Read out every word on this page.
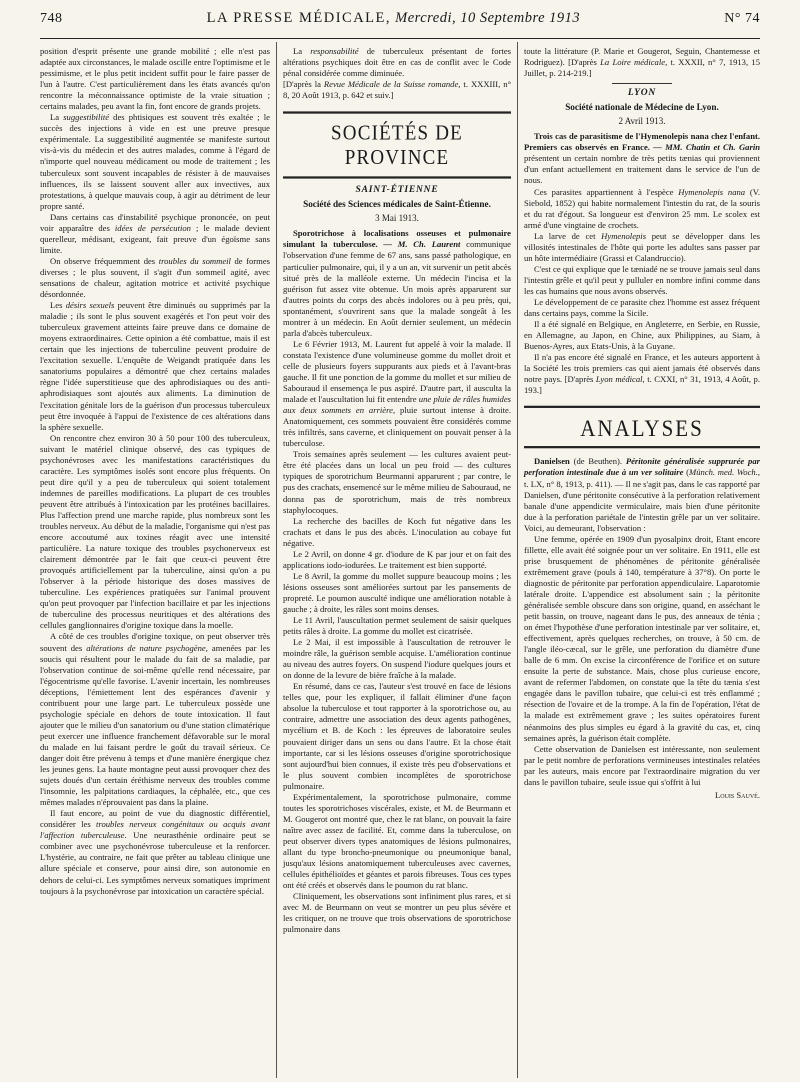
748	LA PRESSE MÉDICALE, Mercredi, 10 Septembre 1913	N° 74

position d'esprit présente une grande mobilité ; elle n'est pas adaptée aux circonstances, le malade oscille entre l'optimisme et le pessimisme, et le plus petit incident suffit pour le faire passer de l'un à l'autre. C'est particulièrement dans les états avancés qu'on rencontre la méconnaissance optimiste de la vraie situation ; certains malades, peu avant la fin, font encore de grands projets.

La suggestibilité des phtisiques est souvent très exaltée ; le succès des injections à vide en est une preuve presque expérimentale. La suggestibilité augmentée se manifeste surtout vis-à-vis du médecin et des autres malades, comme à l'égard de n'importe quel nouveau médicament ou mode de traitement ; les tuberculeux sont souvent incapables de résister à de mauvaises influences, ils se laissent souvent aller aux invectives, aux protestations, à quelque mauvais coup, à agir au détriment de leur propre santé.

Dans certains cas d'instabilité psychique prononcée, on peut voir apparaître des idées de persécution ; le malade devient querelleur, médisant, exigeant, fait preuve d'un égoïsme sans limite.

On observe fréquemment des troubles du sommeil de formes diverses ; le plus souvent, il s'agit d'un sommeil agité, avec sensations de chaleur, agitation motrice et activité psychique désordonnée.

Les désirs sexuels peuvent être diminués ou supprimés par la maladie ; ils sont le plus souvent exagérés et l'on peut voir des tuberculeux gravement atteints faire preuve dans ce domaine de moyens extraordinaires. Cette opinion a été combattue, mais il est certain que les injections de tuberculine peuvent produire de l'excitation sexuelle. L'enquête de Weigandt pratiquée dans les sanatoriums populaires a démontré que chez certains malades règne l'idée superstitieuse que des aphrodisiaques ou des anti-aphrodisiaques sont ajoutés aux aliments. La diminution de l'excitation génitale lors de la guérison d'un processus tuberculeux peut être invoquée à l'appui de l'existence de ces altérations dans la sphère sexuelle.

On rencontre chez environ 30 à 50 pour 100 des tuberculeux, suivant le matériel clinique observé, des cas typiques de psychonévroses avec les manifestations caractéristiques du caractère. Les symptômes isolés sont encore plus fréquents. On peut dire qu'il y a peu de tuberculeux qui soient totalement indemnes de pareilles modifications. La plupart de ces troubles peuvent être attribués à l'intoxication par les protéines bacillaires. Plus l'affection prend une marche rapide, plus nombreux sont les troubles nerveux. Au début de la maladie, l'organisme qui n'est pas encore accoutumé aux toxines réagit avec une intensité particulière. La nature toxique des troubles psychonerveux est clairement démontrée par le fait que ceux-ci peuvent être provoqués artificiellement par la tuberculine, ainsi qu'on a pu l'observer à la période historique des doses massives de tuberculine. Les expériences pratiquées sur l'animal prouvent qu'on peut provoquer par l'infection bacillaire et par les injections de tuberculine des processus neuritiques et des altérations des cellules ganglionnaires d'origine toxique dans la moelle.

A côté de ces troubles d'origine toxique, on peut observer très souvent des altérations de nature psychogène, amenées par les soucis qui résultent pour le malade du fait de sa maladie, par l'observation continue de soi-même qu'elle rend nécessaire, par l'égocentrisme qu'elle favorise. L'avenir incertain, les nombreuses déceptions, l'émiettement lent des espérances d'avenir y contribuent pour une large part. Le tuberculeux possède une psychologie spéciale en dehors de toute intoxication. Il faut ajouter que le milieu d'un sanatorium ou d'une station climatérique peut exercer une influence franchement défavorable sur le moral du malade en lui faisant perdre le goût du travail sérieux. Ce danger doit être prévenu à temps et d'une manière énergique chez les jeunes gens. La haute montagne peut aussi provoquer chez des sujets doués d'un certain éréthisme nerveux des troubles comme l'insomnie, les palpitations cardiaques, la céphalée, etc., que ces mêmes malades n'éprouvaient pas dans la plaine.

Il faut encore, au point de vue du diagnostic différentiel, considérer les troubles nerveux congénitaux ou acquis avant l'affection tuberculeuse. Une neurasthénie ordinaire peut se combiner avec une psychonévrose tuberculeuse et la renforcer. L'hystérie, au contraire, ne fait que prêter au tableau clinique une allure spéciale et conserve, pour ainsi dire, son autonomie en dehors de celui-ci. Les symptômes nerveux somatiques impriment toujours à la psychonévrose par intoxication un caractère spécial.

La responsabilité de tuberculeux présentant de fortes altérations psychiques doit être en cas de conflit avec le Code pénal considérée comme diminuée.

[D'après la Revue Médicale de la Suisse romande, t. XXXIII, n° 8, 20 Août 1913, p. 642 et suiv.]

SOCIÉTÉS DE PROVINCE
SAINT-ÉTIENNE
Société des Sciences médicales de Saint-Étienne.
3 Mai 1913.

Sporotrichose à localisations osseuses et pulmonaire simulant la tuberculose. — M. Ch. Laurent communique l'observation d'une femme de 67 ans, sans passé pathologique, en particulier pulmonaire, qui, il y a un an, vit survenir un petit abcès situé près de la malléole externe. Un médecin l'incisa et la guérison fut assez vite obtenue. Un mois après apparurent sur d'autres points du corps des abcès indolores ou à peu près, qui, spontanément, s'ouvrirent sans que la malade songeât à les montrer à un médecin. En Août dernier seulement, un médecin parla d'abcès tuberculeux.

Le 6 Février 1913, M. Laurent fut appelé à voir la malade. Il constata l'existence d'une volumineuse gomme du mollet droit et celle de plusieurs foyers suppurants aux pieds et à l'avant-bras gauche. Il fit une ponction de la gomme du mollet et sur milieu de Sabouraud il ensemença le pus aspiré. D'autre part, il ausculta la malade et l'auscultation lui fit entendre une pluie de râles humides aux deux sommets en arrière, pluie surtout intense à droite. Anatomiquement, ces sommets pouvaient être considérés comme très infiltrés, sans caverne, et cliniquement on pouvait penser à la tuberculose.

Trois semaines après seulement — les cultures avaient peut-être été placées dans un local un peu froid — des cultures typiques de sporotrichum Beurmanni apparurent ; par contre, le pus des crachats, ensemencé sur le même milieu de Sabouraud, ne donna pas de sporotrichum, mais de très nombreux staphylocoques.

La recherche des bacilles de Koch fut négative dans les crachats et dans le pus des abcès. L'inoculation au cobaye fut négative.

Le 2 Avril, on donne 4 gr. d'iodure de K par jour et on fait des applications iodo-iodurées. Le traitement est bien supporté.

Le 8 Avril, la gomme du mollet suppure beaucoup moins ; les lésions osseuses sont améliorées surtout par les pansements de propreté. Le poumon ausculté indique une amélioration notable à gauche ; à droite, les râles sont moins denses.

Le 11 Avril, l'auscultation permet seulement de saisir quelques petits râles à droite. La gomme du mollet est cicatrisée.

Le 2 Mai, il est impossible à l'auscultation de retrouver le moindre râle, la guérison semble acquise. L'amélioration continue au niveau des autres foyers. On suspend l'iodure quelques jours et on donne de la levure de bière fraîche à la malade.

En résumé, dans ce cas, l'auteur s'est trouvé en face de lésions telles que, pour les expliquer, il fallait éliminer d'une façon absolue la tuberculose et tout rapporter à la sporotrichose ou, au contraire, admettre une association des deux agents pathogènes, mycélium et B. de Koch : les épreuves de laboratoire seules pouvaient diriger dans un sens ou dans l'autre. Et la chose était importante, car si les lésions osseuses d'origine sporotrichosique sont aujourd'hui bien connues, il existe très peu d'observations et le plus souvent combien incomplètes de sporotrichose pulmonaire.

Expérimentalement, la sporotrichose pulmonaire, comme toutes les sporotrichoses viscérales, existe, et M. de Beurmann et M. Gougerot ont montré que, chez le rat blanc, on pouvait la faire naître avec assez de facilité. Et, comme dans la tuberculose, on peut observer divers types anatomiques de lésions pulmonaires, allant du type broncho-pneumonique ou pneumonique banal, jusqu'aux lésions anatomiquement tuberculeuses avec cavernes, cellules épithélioïdes et géantes et parois fibreuses. Tous ces types ont été créés et observés dans le poumon du rat blanc.

Cliniquement, les observations sont infiniment plus rares, et si avec M. de Beurmann on veut se montrer un peu plus sévère et les critiquer, on ne trouve que trois observations de sporotrichose pulmonaire dans

toute la littérature (P. Marie et Gougerot, Seguin, Chantemesse et Rodriguez). [D'après La Loire médicale, t. XXXII, n° 7, 1913, 15 Juillet, p. 214-219.]

LYON
Société nationale de Médecine de Lyon.
2 Avril 1913.

Trois cas de parasitisme de l'Hymenolepis nana chez l'enfant. Premiers cas observés en France. — MM. Chatin et Ch. Garin présentent un certain nombre de très petits tænias qui proviennent d'un enfant actuellement en traitement dans le service de l'un de nous.

Ces parasites appartiennent à l'espèce Hymenolepis nana (V. Siebold, 1852) qui habite normalement l'intestin du rat, de la souris et du rat d'égout. Sa longueur est d'environ 25 mm. Le scolex est armé d'une vingtaine de crochets.

La larve de cet Hymenolepis peut se développer dans les villosités intestinales de l'hôte qui porte les adultes sans passer par un hôte intermédiaire (Grassi et Calandruccio).

C'est ce qui explique que le tæniadé ne se trouve jamais seul dans l'intestin grêle et qu'il peut y pulluler en nombre infini comme dans les cas humains que nous avons observés.

Le développement de ce parasite chez l'homme est assez fréquent dans certains pays, comme la Sicile.

Il a été signalé en Belgique, en Angleterre, en Serbie, en Russie, en Allemagne, au Japon, en Chine, aux Philippines, au Siam, à Buenos-Ayres, aux Etats-Unis, à la Guyane.

Il n'a pas encore été signalé en France, et les auteurs apportent à la Société les trois premiers cas qui aient jamais été observés dans notre pays. [D'après Lyon médical, t. CXXI, n° 31, 1913, 4 Août, p. 193.]

ANALYSES

Danielsen (de Beuthen). Péritonite généralisée supprurée par perforation intestinale due à un ver solitaire (Münch. med. Woch., t. LX, n° 8, 1913, p. 411). — Il ne s'agit pas, dans le cas rapporté par Danielsen, d'une péritonite consécutive à la perforation relativement banale d'une appendicite vermiculaire, mais bien d'une péritonite due à la perforation pariétale de l'intestin grêle par un ver solitaire. Voici, au demeurant, l'observation :

Une femme, opérée en 1909 d'un pyosalpinx droit, Etant encore fillette, elle avait été soignée pour un ver solitaire. En 1911, elle est prise brusquement de phénomènes de péritonite généralisée extrêmement grave (pouls à 140, température à 37°8). On porte le diagnostic de péritonite par perforation appendiculaire. Laparotomie latérale droite. L'appendice est absolument sain ; la péritonite généralisée semble obscure dans son origine, quand, en asséchant le petit bassin, on trouve, nageant dans le pus, des anneaux de ténia ; on émet l'hypothèse d'une perforation intestinale par ver solitaire, et, effectivement, après quelques recherches, on trouve, à 50 cm. de l'angle iléo-cæcal, sur le grêle, une perforation du diamètre d'une balle de 6 mm. On excise la circonférence de l'orifice et on suture ensuite la perte de substance. Mais, chose plus curieuse encore, avant de refermer l'abdomen, on constate que la tête du tænia s'est engagée dans le pavillon tubaire, que celui-ci est très enflammé ; résection de l'ovaire et de la trompe. A la fin de l'opération, l'état de la malade est extrêmement grave ; les suites opératoires furent néanmoins des plus simples eu égard à la gravité du cas, et, cinq semaines après, la guérison était complète.

Cette observation de Danielsen est intéressante, non seulement par le petit nombre de perforations vermineuses intestinales relatées par les auteurs, mais encore par l'extraordinaire migration du ver dans le pavillon tubaire, seule issue qui s'offrit à lui

Louis Sauvé.
